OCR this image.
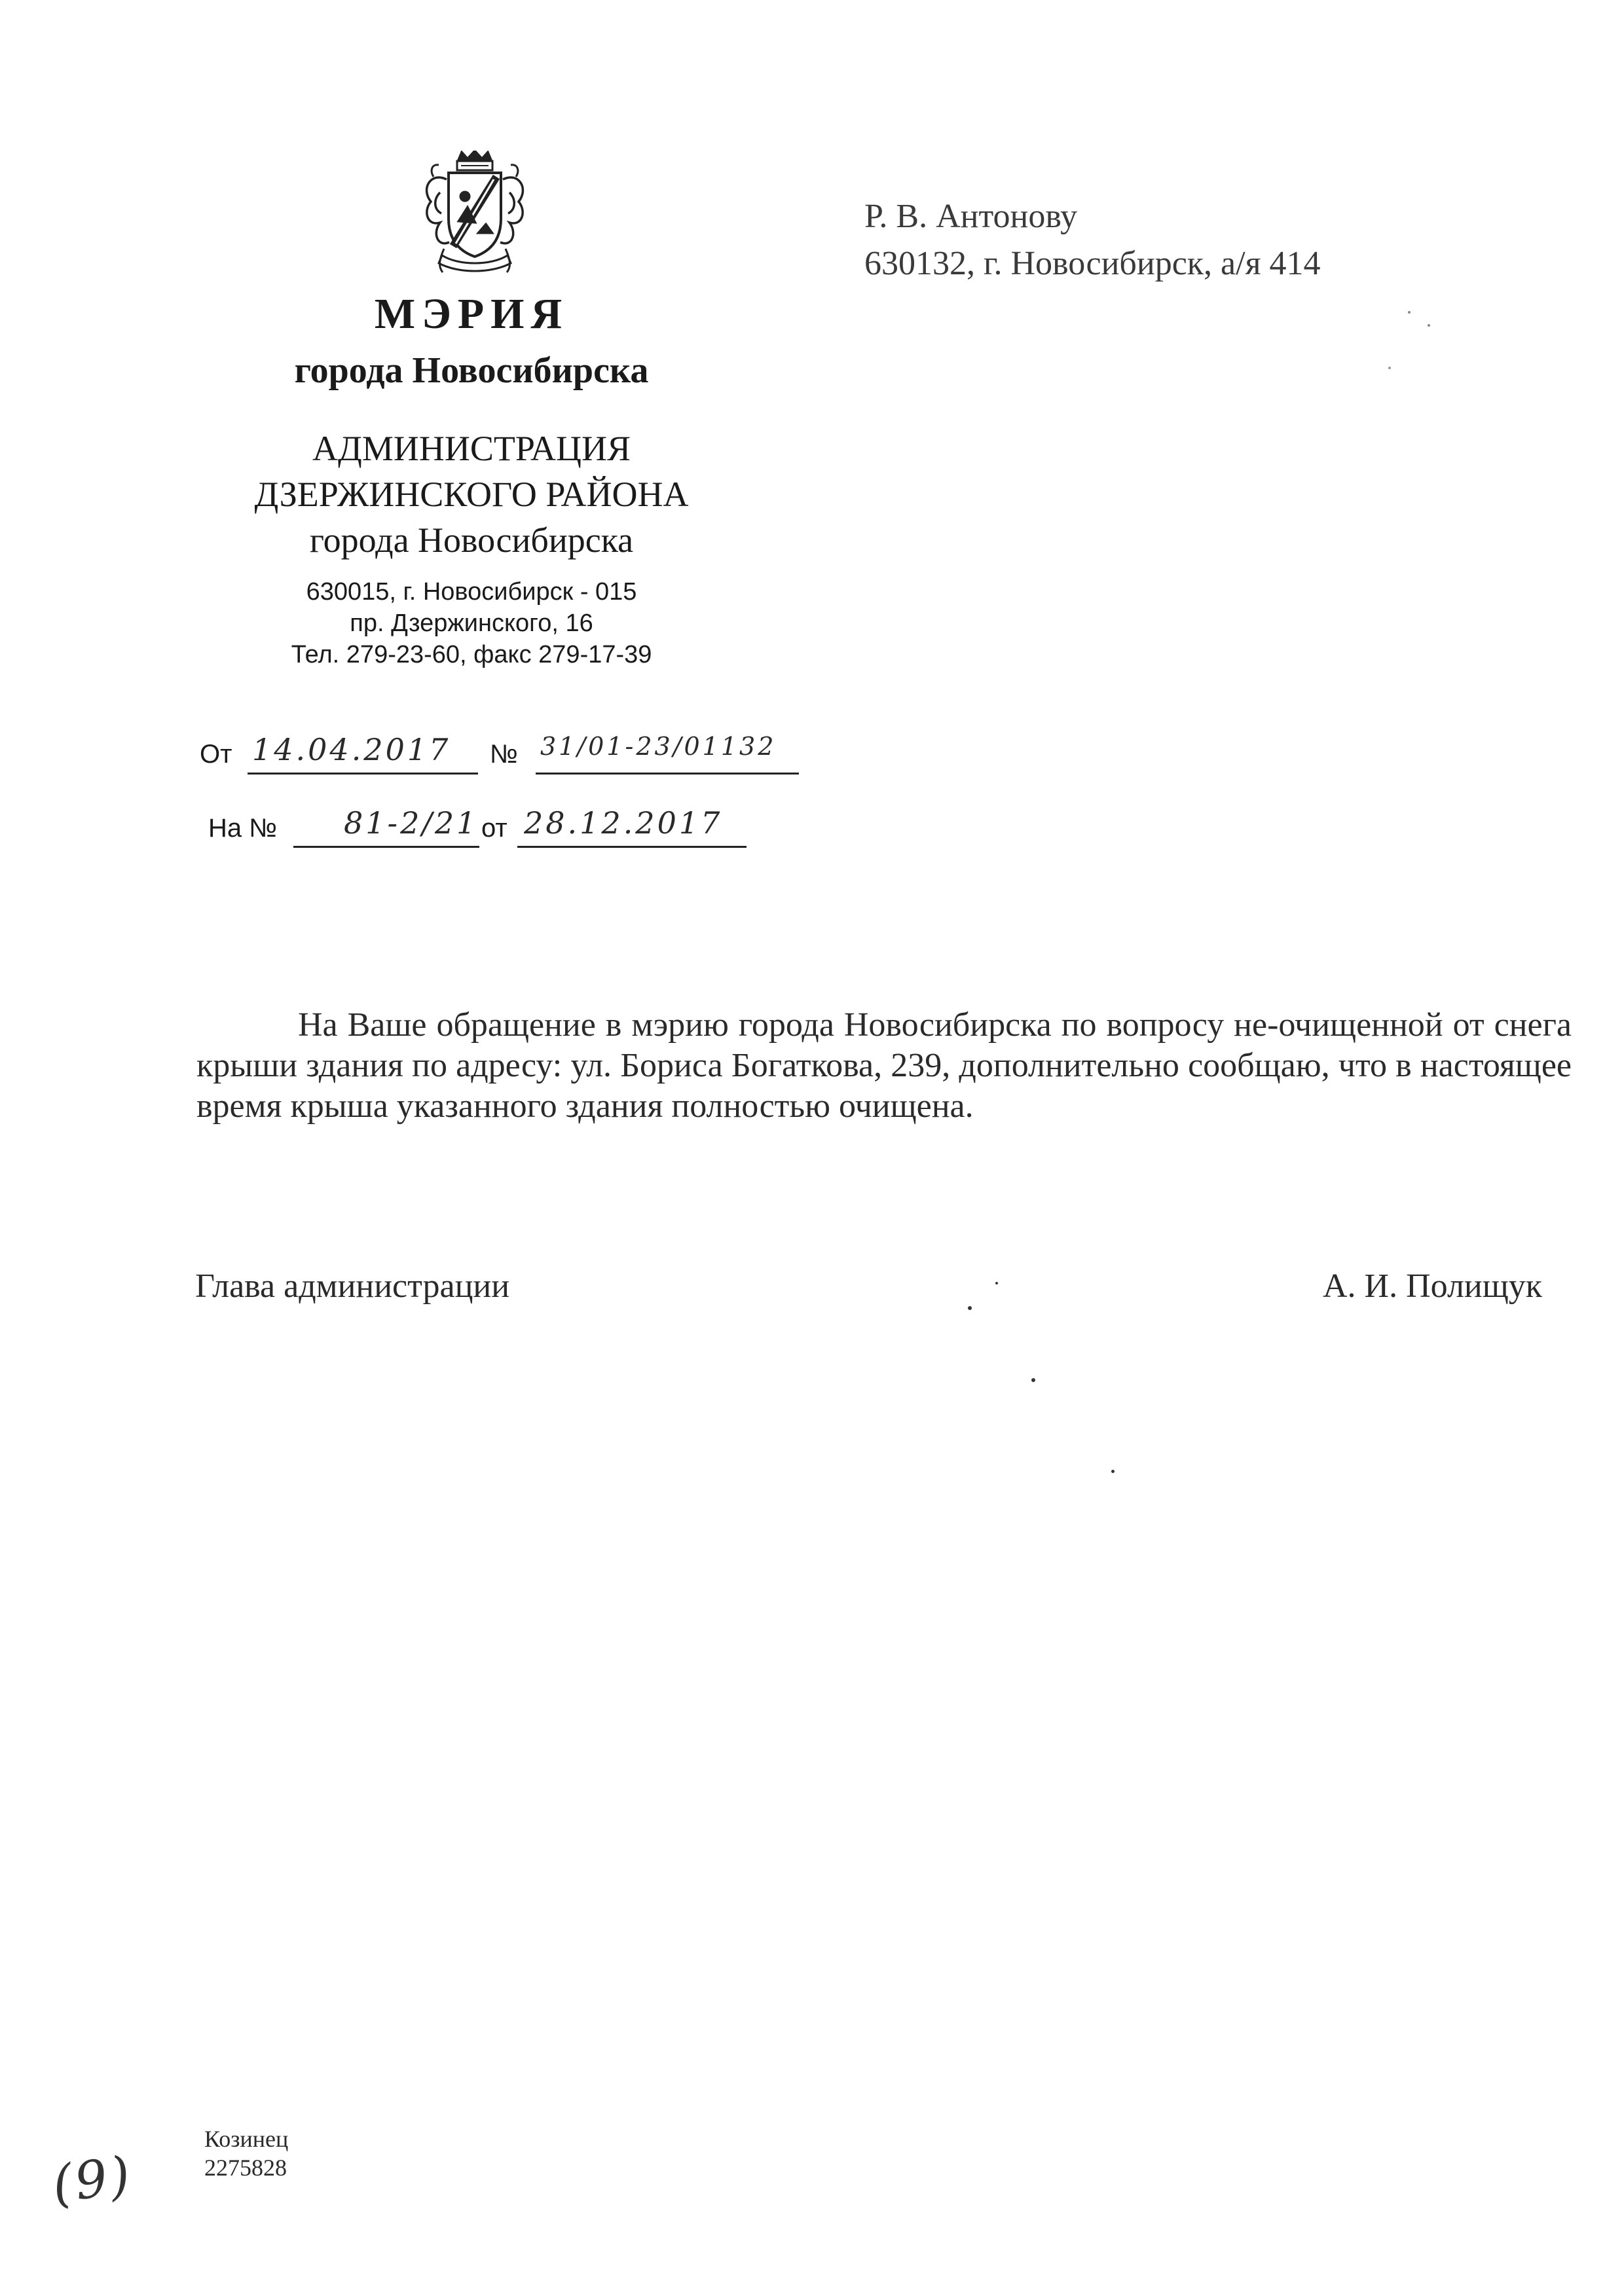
МЭРИЯ
города Новосибирска
АДМИНИСТРАЦИЯ
ДЗЕРЖИНСКОГО РАЙОНА
города Новосибирска
630015, г. Новосибирск - 015
пр. Дзержинского, 16
Тел. 279-23-60, факс 279-17-39
Р. В. Антонову
630132, г. Новосибирск, а/я 414
От 14.04.2017 № 31/01-23/01132
На № 81-2/21 от 28.12.2017

На Ваше обращение в мэрию города Новосибирска по вопросу не-очищенной от снега крыши здания по адресу: ул. Бориса Богаткова, 239, дополнительно сообщаю, что в настоящее время крыша указанного здания полностью очищена.

Глава администрации	А. И. Полищук
Козинец
2275828
(9)
